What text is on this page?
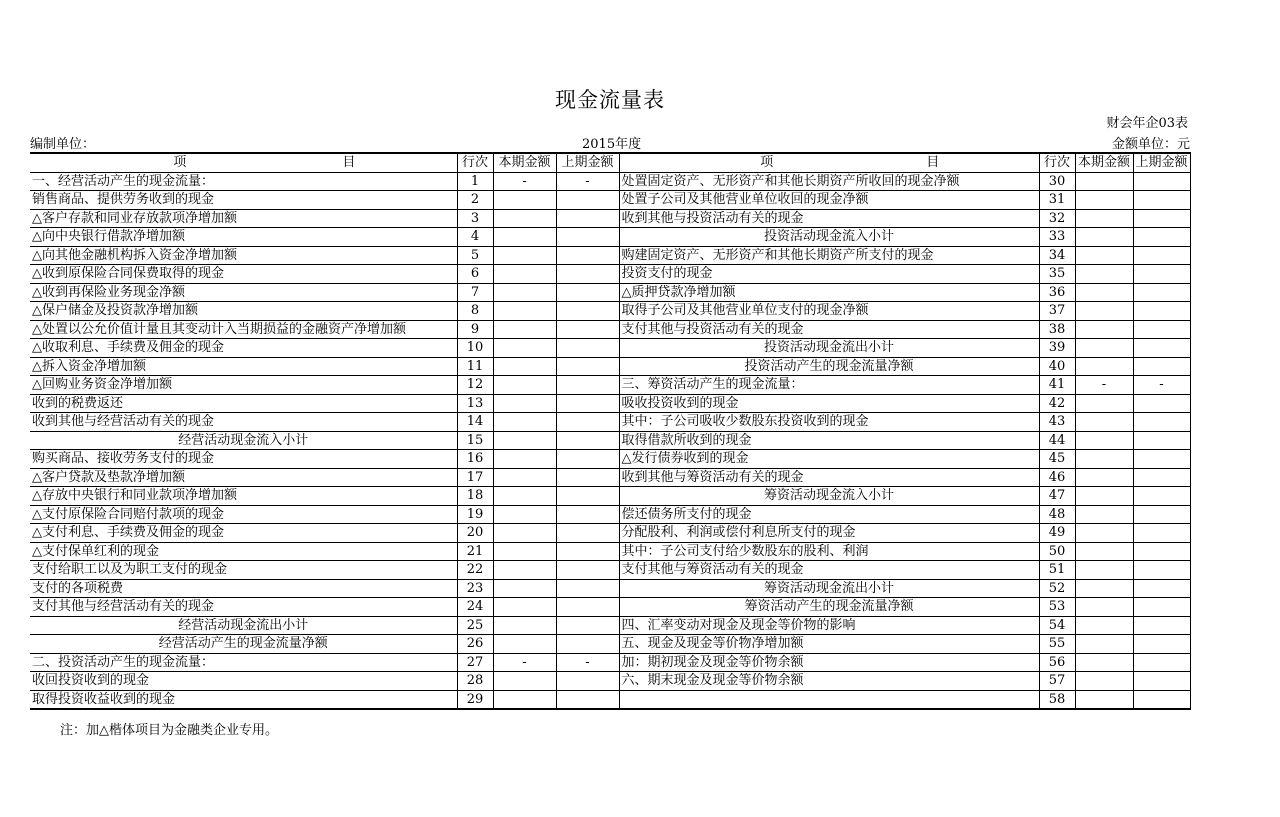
现金流量表
财会年企03表
编制单位：	2015年度	金额单位：元
项 目	行次	本期金额	上期金额	项 目	行次	本期金额	上期金额
一、经营活动产生的现金流量：	1	-	-	处置固定资产、无形资产和其他长期资产所收回的现金净额	30		
销售商品、提供劳务收到的现金	2			处置子公司及其他营业单位收回的现金净额	31		
△客户存款和同业存放款项净增加额	3			收到其他与投资活动有关的现金	32		
△向中央银行借款净增加额	4			投资活动现金流入小计	33		
△向其他金融机构拆入资金净增加额	5			购建固定资产、无形资产和其他长期资产所支付的现金	34		
△收到原保险合同保费取得的现金	6			投资支付的现金	35		
△收到再保险业务现金净额	7			△质押贷款净增加额	36		
△保户储金及投资款净增加额	8			取得子公司及其他营业单位支付的现金净额	37		
△处置以公允价值计量且其变动计入当期损益的金融资产净增加额	9			支付其他与投资活动有关的现金	38		
△收取利息、手续费及佣金的现金	10			投资活动现金流出小计	39		
△拆入资金净增加额	11			投资活动产生的现金流量净额	40		
△回购业务资金净增加额	12			三、筹资活动产生的现金流量：	41	-	-
收到的税费返还	13			吸收投资收到的现金	42		
收到其他与经营活动有关的现金	14			其中：子公司吸收少数股东投资收到的现金	43		
经营活动现金流入小计	15			取得借款所收到的现金	44		
购买商品、接收劳务支付的现金	16			△发行债券收到的现金	45		
△客户贷款及垫款净增加额	17			收到其他与筹资活动有关的现金	46		
△存放中央银行和同业款项净增加额	18			筹资活动现金流入小计	47		
△支付原保险合同赔付款项的现金	19			偿还债务所支付的现金	48		
△支付利息、手续费及佣金的现金	20			分配股利、利润或偿付利息所支付的现金	49		
△支付保单红利的现金	21			其中：子公司支付给少数股东的股利、利润	50		
支付给职工以及为职工支付的现金	22			支付其他与筹资活动有关的现金	51		
支付的各项税费	23			筹资活动现金流出小计	52		
支付其他与经营活动有关的现金	24			筹资活动产生的现金流量净额	53		
经营活动现金流出小计	25			四、汇率变动对现金及现金等价物的影响	54		
经营活动产生的现金流量净额	26			五、现金及现金等价物净增加额	55		
二、投资活动产生的现金流量：	27	-	-	加：期初现金及现金等价物余额	56		
收回投资收到的现金	28			六、期末现金及现金等价物余额	57		
取得投资收益收到的现金	29				58		
注：加△楷体项目为金融类企业专用。
